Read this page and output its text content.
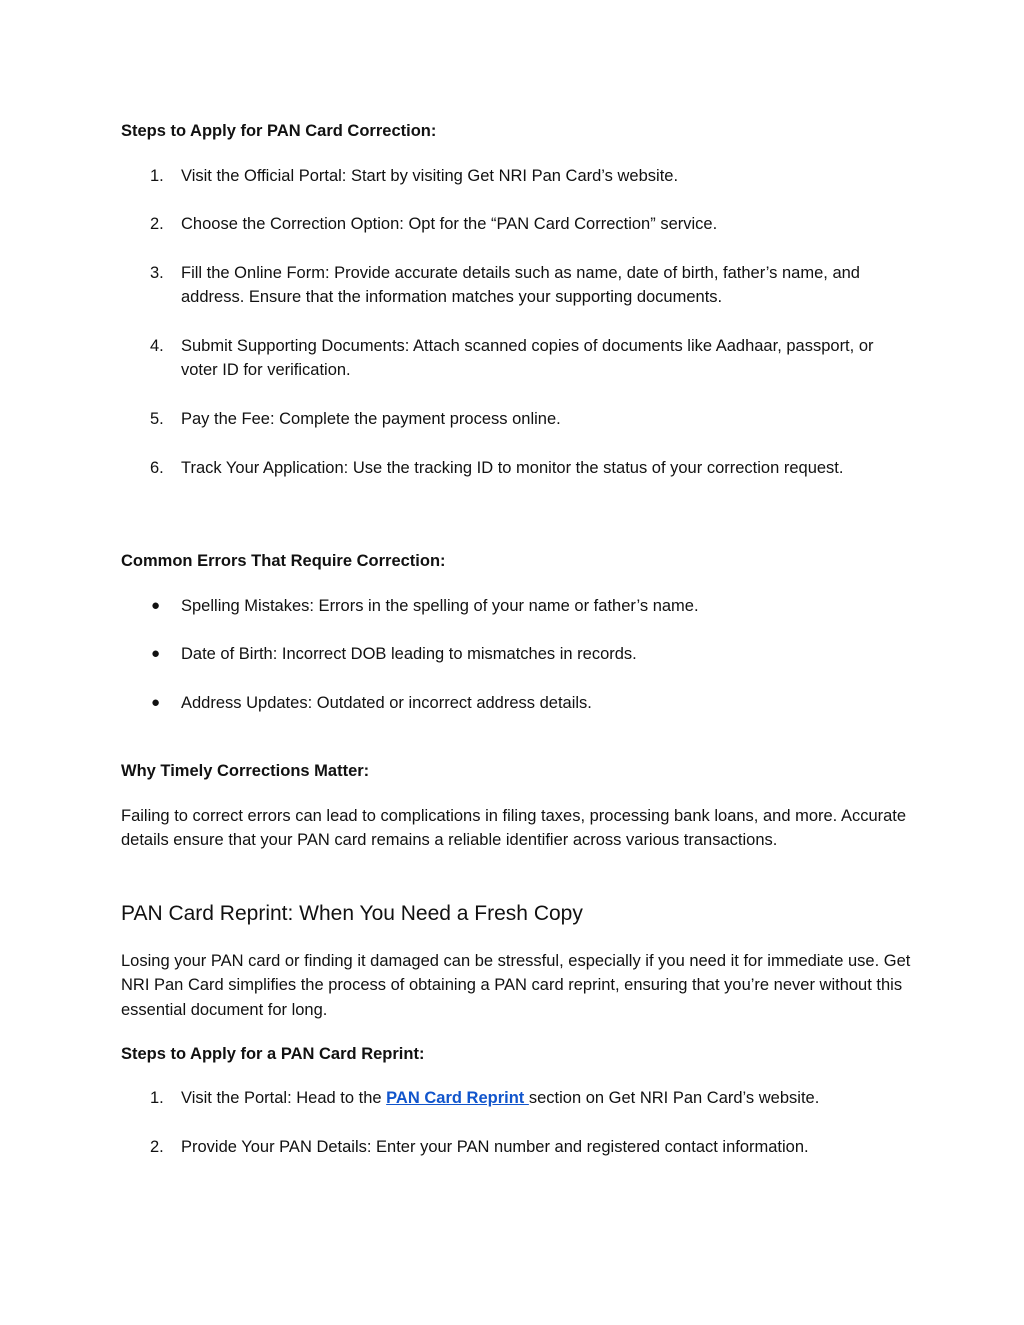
Steps to Apply for PAN Card Correction:
1. Visit the Official Portal: Start by visiting Get NRI Pan Card’s website.
2. Choose the Correction Option: Opt for the “PAN Card Correction” service.
3. Fill the Online Form: Provide accurate details such as name, date of birth, father’s name, and address. Ensure that the information matches your supporting documents.
4. Submit Supporting Documents: Attach scanned copies of documents like Aadhaar, passport, or voter ID for verification.
5. Pay the Fee: Complete the payment process online.
6. Track Your Application: Use the tracking ID to monitor the status of your correction request.
Common Errors That Require Correction:
● Spelling Mistakes: Errors in the spelling of your name or father’s name.
● Date of Birth: Incorrect DOB leading to mismatches in records.
● Address Updates: Outdated or incorrect address details.
Why Timely Corrections Matter:
Failing to correct errors can lead to complications in filing taxes, processing bank loans, and more. Accurate details ensure that your PAN card remains a reliable identifier across various transactions.
PAN Card Reprint: When You Need a Fresh Copy
Losing your PAN card or finding it damaged can be stressful, especially if you need it for immediate use. Get NRI Pan Card simplifies the process of obtaining a PAN card reprint, ensuring that you’re never without this essential document for long.
Steps to Apply for a PAN Card Reprint:
1. Visit the Portal: Head to the PAN Card Reprint section on Get NRI Pan Card’s website.
2. Provide Your PAN Details: Enter your PAN number and registered contact information.
